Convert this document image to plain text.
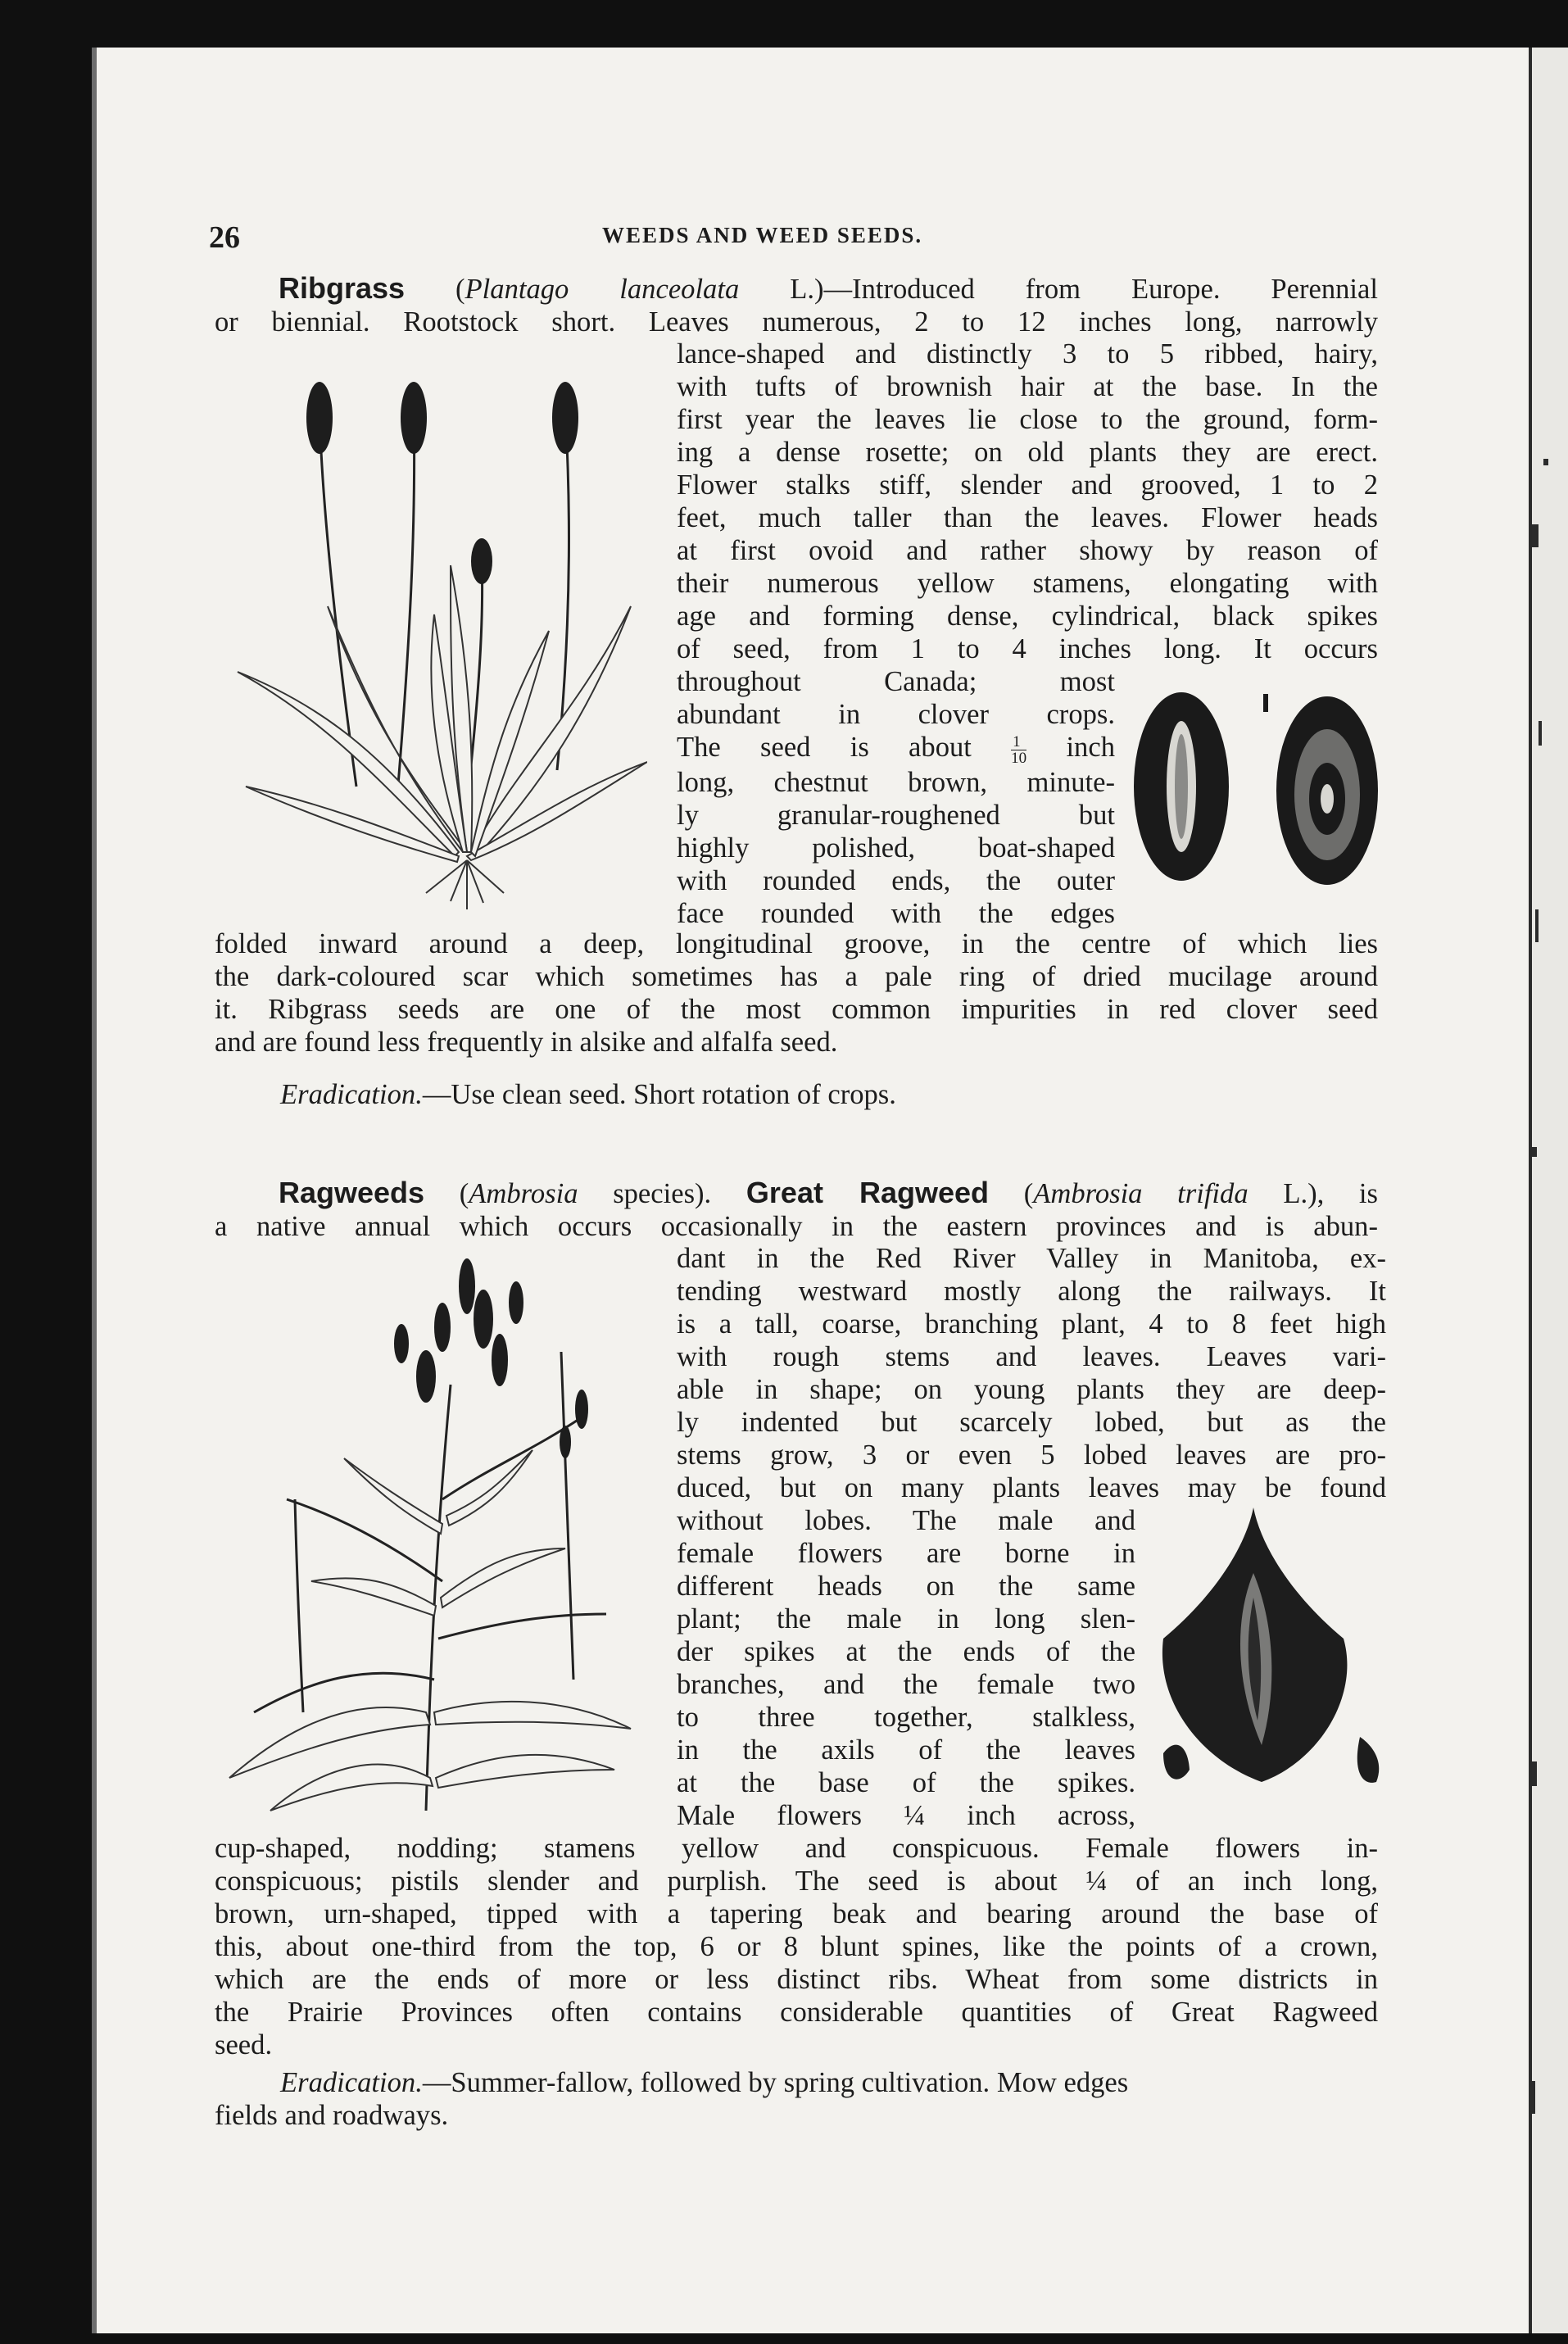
26	WEEDS AND WEED SEEDS.
Ribgrass (Plantago lanceolata L.)—Introduced from Europe. Perennial
or biennial. Rootstock short. Leaves numerous, 2 to 12 inches long, narrowly
lance-shaped and distinctly 3 to 5 ribbed, hairy,
with tufts of brownish hair at the base. In the
first year the leaves lie close to the ground, form-
ing a dense rosette; on old plants they are erect.
Flower stalks stiff, slender and grooved, 1 to 2
feet, much taller than the leaves. Flower heads
at first ovoid and rather showy by reason of
their numerous yellow stamens, elongating with
age and forming dense, cylindrical, black spikes
of seed, from 1 to 4 inches long. It occurs
throughout Canada; most
abundant in clover crops.
The seed is about	$\frac{1}{10}$ inch
long, chestnut brown, minute-
ly granular-roughened but
highly polished, boat-shaped
with rounded ends, the outer
face rounded with the edges
folded inward around a deep, longitudinal groove, in the centre of which lies
the dark-coloured scar which sometimes has a pale ring of dried mucilage around
it. Ribgrass seeds are one of the most common impurities in red clover seed
and are found less frequently in alsike and alfalfa seed.
Eradication.—Use clean seed. Short rotation of crops.
Ragweeds (Ambrosia species). Great Ragweed (Ambrosia trifida L.), is
a native annual which occurs occasionally in the eastern provinces and is abun-
dant in the Red River Valley in Manitoba, ex-
tending westward mostly along the railways. It
is a tall, coarse, branching plant, 4 to 8 feet high
with rough stems and leaves. Leaves vari-
able in shape; on young plants they are deep-
ly indented but scarcely lobed, but as the
stems grow, 3 or even 5 lobed leaves are pro-
duced, but on many plants leaves may be found
without lobes. The male and
female flowers are borne in
different heads on the same
plant; the male in long slen-
der spikes at the ends of the
branches, and the female two
to three together, stalkless,
in the axils of the leaves
at the base of the spikes.
Male flowers ¼ inch across,
cup-shaped, nodding; stamens yellow and conspicuous. Female flowers in-
conspicuous; pistils slender and purplish. The seed is about ¼ of an inch long,
brown, urn-shaped, tipped with a tapering beak and bearing around the base of
this, about one-third from the top, 6 or 8 blunt spines, like the points of a crown,
which are the ends of more or less distinct ribs. Wheat from some districts in
the Prairie Provinces often contains considerable quantities of Great Ragweed
seed.
Eradication.—Summer-fallow, followed by spring cultivation. Mow edges
fields and roadways.
